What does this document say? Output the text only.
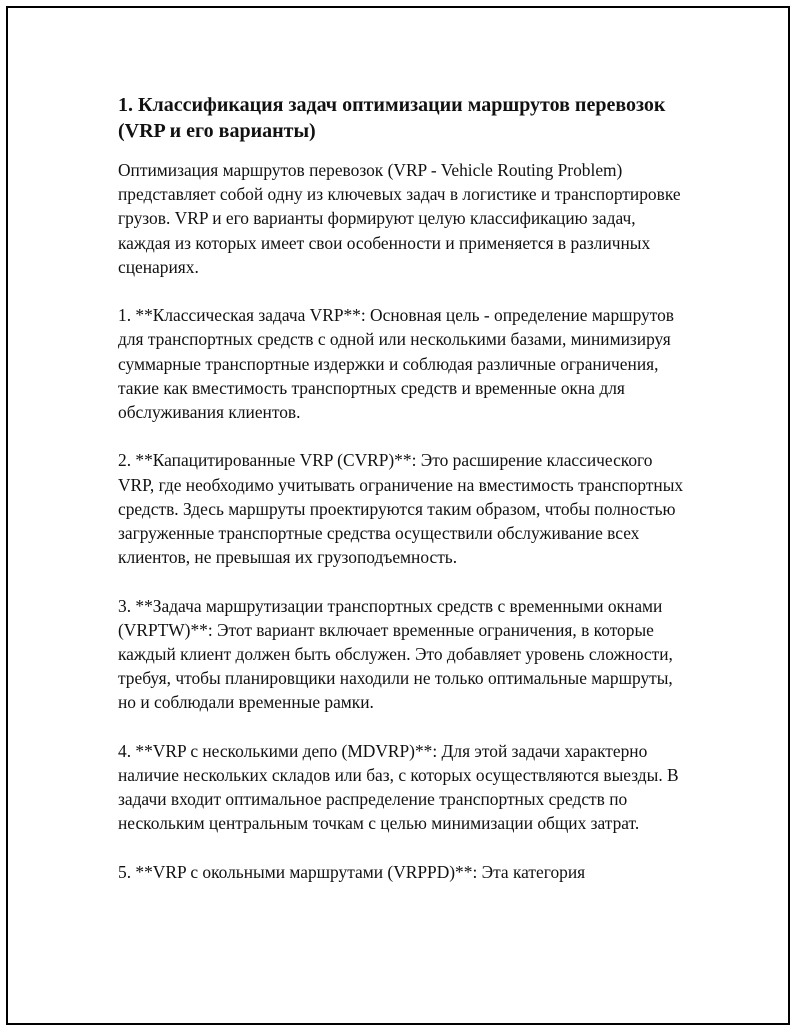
1. Классификация задач оптимизации маршрутов перевозок (VRP и его варианты)

Оптимизация маршрутов перевозок (VRP - Vehicle Routing Problem) представляет собой одну из ключевых задач в логистике и транспортировке грузов. VRP и его варианты формируют целую классификацию задач, каждая из которых имеет свои особенности и применяется в различных сценариях.

1. **Классическая задача VRP**: Основная цель - определение маршрутов для транспортных средств с одной или несколькими базами, минимизируя суммарные транспортные издержки и соблюдая различные ограничения, такие как вместимость транспортных средств и временные окна для обслуживания клиентов.

2. **Капацитированные VRP (CVRP)**: Это расширение классического VRP, где необходимо учитывать ограничение на вместимость транспортных средств. Здесь маршруты проектируются таким образом, чтобы полностью загруженные транспортные средства осуществили обслуживание всех клиентов, не превышая их грузоподъемность.

3. **Задача маршрутизации транспортных средств с временными окнами (VRPTW)**: Этот вариант включает временные ограничения, в которые каждый клиент должен быть обслужен. Это добавляет уровень сложности, требуя, чтобы планировщики находили не только оптимальные маршруты, но и соблюдали временные рамки.

4. **VRP с несколькими депо (MDVRP)**: Для этой задачи характерно наличие нескольких складов или баз, с которых осуществляются выезды. В задачи входит оптимальное распределение транспортных средств по нескольким центральным точкам с целью минимизации общих затрат.

5. **VRP с окольными маршрутами (VRPPD)**: Эта категория
